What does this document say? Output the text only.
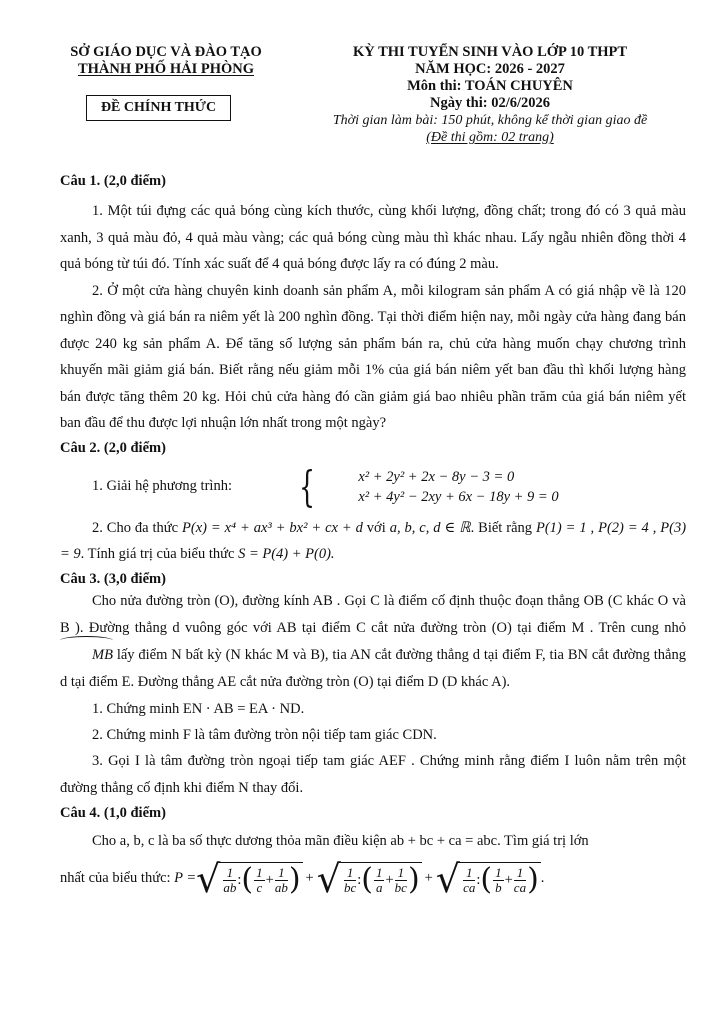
SỞ GIÁO DỤC VÀ ĐÀO TẠO
THÀNH PHỐ HẢI PHÒNG
ĐỀ CHÍNH THỨC
KỲ THI TUYỂN SINH VÀO LỚP 10 THPT
NĂM HỌC: 2026 - 2027
Môn thi: TOÁN CHUYÊN
Ngày thi: 02/6/2026
Thời gian làm bài: 150 phút, không kể thời gian giao đề
(Đề thi gồm: 02 trang)

Câu 1. (2,0 điểm)

1. Một túi đựng các quả bóng cùng kích thước, cùng khối lượng, đồng chất; trong đó có 3 quả màu xanh, 3 quả màu đỏ, 4 quả màu vàng; các quả bóng cùng màu thì khác nhau. Lấy ngẫu nhiên đồng thời 4 quả bóng từ túi đó. Tính xác suất để 4 quả bóng được lấy ra có đúng 2 màu.

2. Ở một cửa hàng chuyên kinh doanh sản phẩm A, mỗi kilogram sản phẩm A có giá nhập về là 120 nghìn đồng và giá bán ra niêm yết là 200 nghìn đồng. Tại thời điểm hiện nay, mỗi ngày cửa hàng đang bán được 240 kg sản phẩm A. Để tăng số lượng sản phẩm bán ra, chủ cửa hàng muốn chạy chương trình khuyến mãi giảm giá bán. Biết rằng nếu giảm mỗi 1% của giá bán niêm yết ban đầu thì khối lượng hàng bán được tăng thêm 20 kg. Hỏi chủ cửa hàng đó cần giảm giá bao nhiêu phần trăm của giá bán niêm yết ban đầu để thu được lợi nhuận lớn nhất trong một ngày?

Câu 2. (2,0 điểm)

1. Giải hệ phương trình:
	{	x² + 2y² + 2x − 8y − 3 = 0
x² + 4y² − 2xy + 6x − 18y + 9 = 0

2. Cho đa thức P(x) = x⁴ + ax³ + bx² + cx + d với a, b, c, d ∈ ℝ. Biết rằng P(1) = 1 , P(2) = 4 , P(3) = 9. Tính giá trị của biểu thức S = P(4) + P(0).

Câu 3. (3,0 điểm)

Cho nửa đường tròn (O), đường kính AB . Gọi C là điểm cố định thuộc đoạn thẳng OB (C khác O và B ). Đường thẳng d vuông góc với AB tại điểm C cắt nửa đường tròn (O) tại điểm M . Trên cung nhỏ MB lấy điểm N bất kỳ (N khác M và B), tia AN cắt đường thẳng d tại điểm F, tia BN cắt đường thẳng d tại điểm E. Đường thẳng AE cắt nửa đường tròn (O) tại điểm D (D khác A).

1. Chứng minh EN · AB = EA · ND.

2. Chứng minh F là tâm đường tròn nội tiếp tam giác CDN.

3. Gọi I là tâm đường tròn ngoại tiếp tam giác AEF . Chứng minh rằng điểm I luôn nằm trên một đường thẳng cố định khi điểm N thay đổi.

Câu 4. (1,0 điểm)

Cho a, b, c là ba số thực dương thỏa mãn điều kiện ab + bc + ca = abc. Tìm giá trị lớn

nhất của biểu thức:
P = √ $\frac{1}{ab}$ : ( $\frac{1}{c} + \frac{1}{ab}$ ) + √ $\frac{1}{bc}$ : ( $\frac{1}{a} + \frac{1}{bc}$ ) + √ $\frac{1}{ca}$ : ( $\frac{1}{b} + \frac{1}{ca}$ ) .
